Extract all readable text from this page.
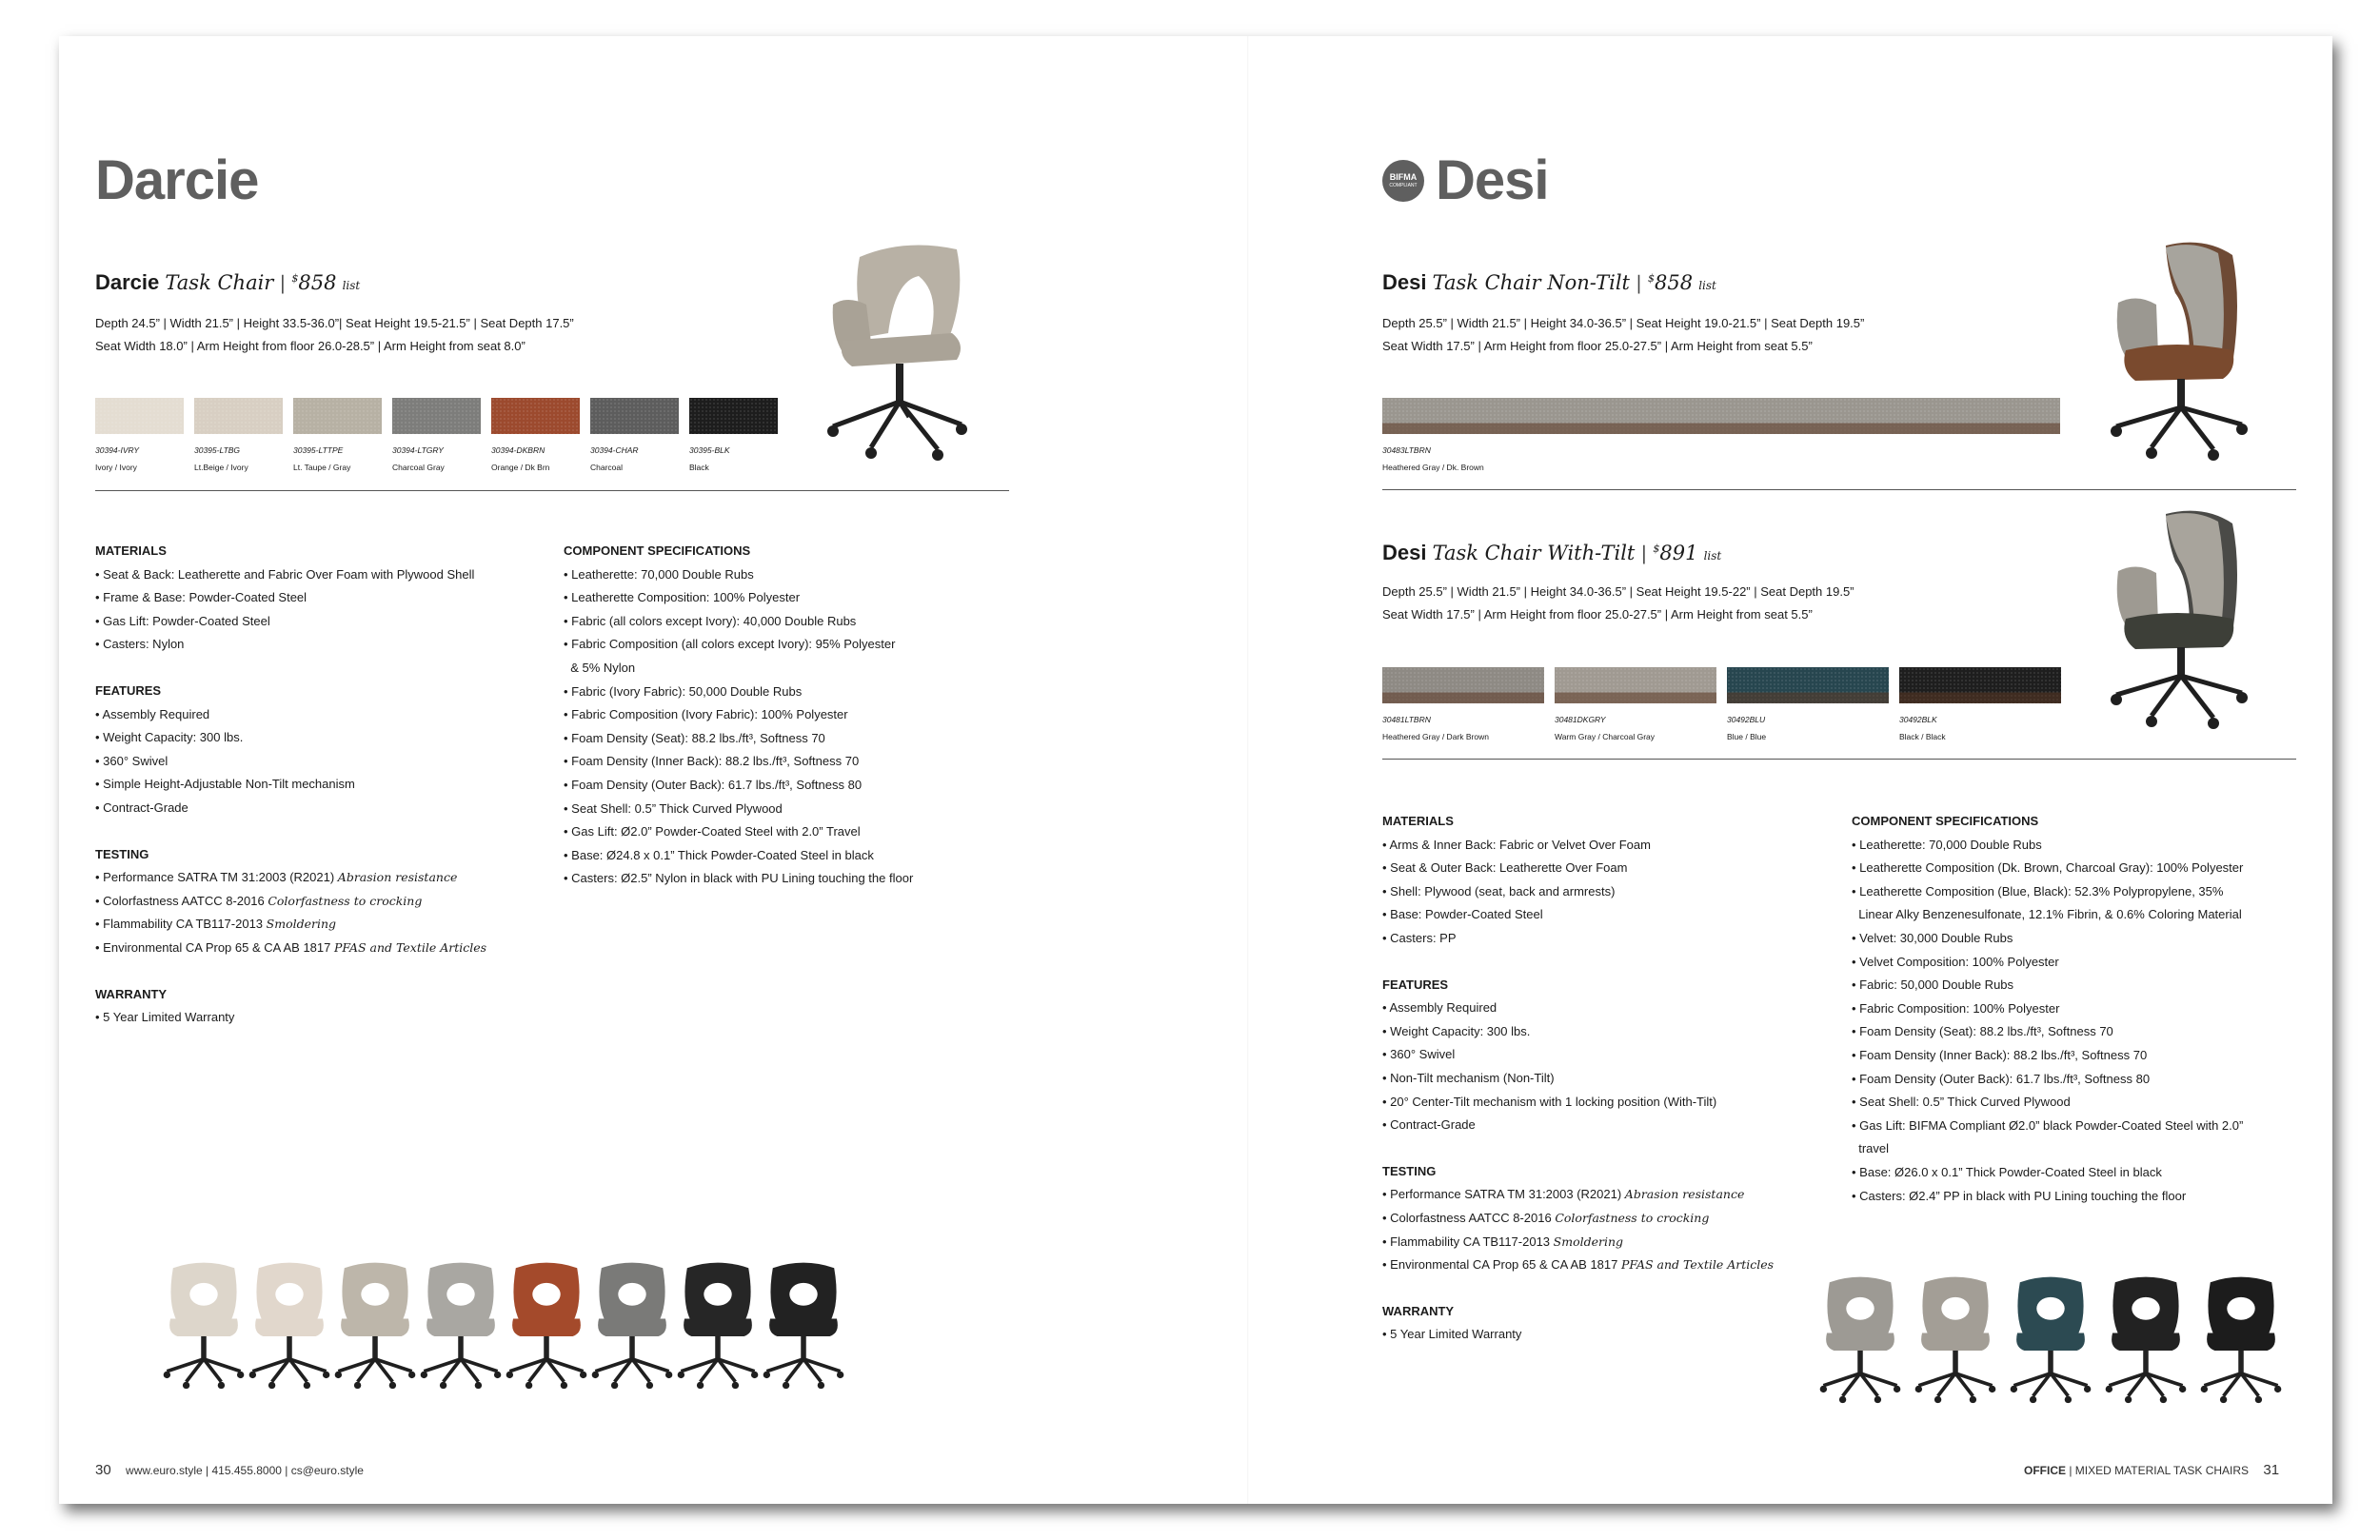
Darcie
Darcie Task Chair | $858 list
Depth 24.5” | Width 21.5” | Height 33.5-36.0”| Seat Height 19.5-21.5” | Seat Depth 17.5”
Seat Width 18.0” | Arm Height from floor 26.0-28.5” | Arm Height from seat 8.0”
30394-IVRY
Ivory / Ivory
30395-LTBG
Lt.Beige / Ivory
30395-LTTPE
Lt. Taupe / Gray
30394-LTGRY
Charcoal Gray
30394-DKBRN
Orange / Dk Brn
30394-CHAR
Charcoal
30395-BLK
Black
MATERIALS
• Seat & Back: Leatherette and Fabric Over Foam with Plywood Shell
• Frame & Base: Powder-Coated Steel
• Gas Lift: Powder-Coated Steel
• Casters: Nylon
FEATURES
• Assembly Required
• Weight Capacity: 300 lbs.
• 360° Swivel
• Simple Height-Adjustable Non-Tilt mechanism
• Contract-Grade
TESTING
• Performance SATRA TM 31:2003 (R2021) Abrasion resistance
• Colorfastness AATCC 8-2016 Colorfastness to crocking
• Flammability CA TB117-2013 Smoldering
• Environmental CA Prop 65 & CA AB 1817 PFAS and Textile Articles
WARRANTY
• 5 Year Limited Warranty
COMPONENT SPECIFICATIONS
• Leatherette: 70,000 Double Rubs
• Leatherette Composition: 100% Polyester
• Fabric (all colors except Ivory): 40,000 Double Rubs
• Fabric Composition (all colors except Ivory): 95% Polyester
& 5% Nylon
• Fabric (Ivory Fabric): 50,000 Double Rubs
• Fabric Composition (Ivory Fabric): 100% Polyester
• Foam Density (Seat): 88.2 lbs./ft³, Softness 70
• Foam Density (Inner Back): 88.2 lbs./ft³, Softness 70
• Foam Density (Outer Back): 61.7 lbs./ft³, Softness 80
• Seat Shell: 0.5” Thick Curved Plywood
• Gas Lift: Ø2.0” Powder-Coated Steel with 2.0” Travel
• Base: Ø24.8 x 0.1” Thick Powder-Coated Steel in black
• Casters: Ø2.5” Nylon in black with PU Lining touching the floor
30 www.euro.style | 415.455.8000 | cs@euro.style
BIFMA
COMPLIANT Desi
Desi Task Chair Non-Tilt | $858 list
Depth 25.5” | Width 21.5” | Height 34.0-36.5” | Seat Height 19.0-21.5” | Seat Depth 19.5”
Seat Width 17.5” | Arm Height from floor 25.0-27.5” | Arm Height from seat 5.5”
30483LTBRN
Heathered Gray / Dk. Brown
Desi Task Chair With-Tilt | $891 list
Depth 25.5” | Width 21.5” | Height 34.0-36.5” | Seat Height 19.5-22” | Seat Depth 19.5”
Seat Width 17.5” | Arm Height from floor 25.0-27.5” | Arm Height from seat 5.5”
30481LTBRN
Heathered Gray / Dark Brown
30481DKGRY
Warm Gray / Charcoal Gray
30492BLU
Blue / Blue
30492BLK
Black / Black
MATERIALS
• Arms & Inner Back: Fabric or Velvet Over Foam
• Seat & Outer Back: Leatherette Over Foam
• Shell: Plywood (seat, back and armrests)
• Base: Powder-Coated Steel
• Casters: PP
FEATURES
• Assembly Required
• Weight Capacity: 300 lbs.
• 360° Swivel
• Non-Tilt mechanism (Non-Tilt)
• 20° Center-Tilt mechanism with 1 locking position (With-Tilt)
• Contract-Grade
TESTING
• Performance SATRA TM 31:2003 (R2021) Abrasion resistance
• Colorfastness AATCC 8-2016 Colorfastness to crocking
• Flammability CA TB117-2013 Smoldering
• Environmental CA Prop 65 & CA AB 1817 PFAS and Textile Articles
WARRANTY
• 5 Year Limited Warranty
COMPONENT SPECIFICATIONS
• Leatherette: 70,000 Double Rubs
• Leatherette Composition (Dk. Brown, Charcoal Gray): 100% Polyester
• Leatherette Composition (Blue, Black): 52.3% Polypropylene, 35%
Linear Alky Benzenesulfonate, 12.1% Fibrin, & 0.6% Coloring Material
• Velvet: 30,000 Double Rubs
• Velvet Composition: 100% Polyester
• Fabric: 50,000 Double Rubs
• Fabric Composition: 100% Polyester
• Foam Density (Seat): 88.2 lbs./ft³, Softness 70
• Foam Density (Inner Back): 88.2 lbs./ft³, Softness 70
• Foam Density (Outer Back): 61.7 lbs./ft³, Softness 80
• Seat Shell: 0.5” Thick Curved Plywood
• Gas Lift: BIFMA Compliant Ø2.0” black Powder-Coated Steel with 2.0”
travel
• Base: Ø26.0 x 0.1” Thick Powder-Coated Steel in black
• Casters: Ø2.4” PP in black with PU Lining touching the floor
OFFICE | MIXED MATERIAL TASK CHAIRS 31
